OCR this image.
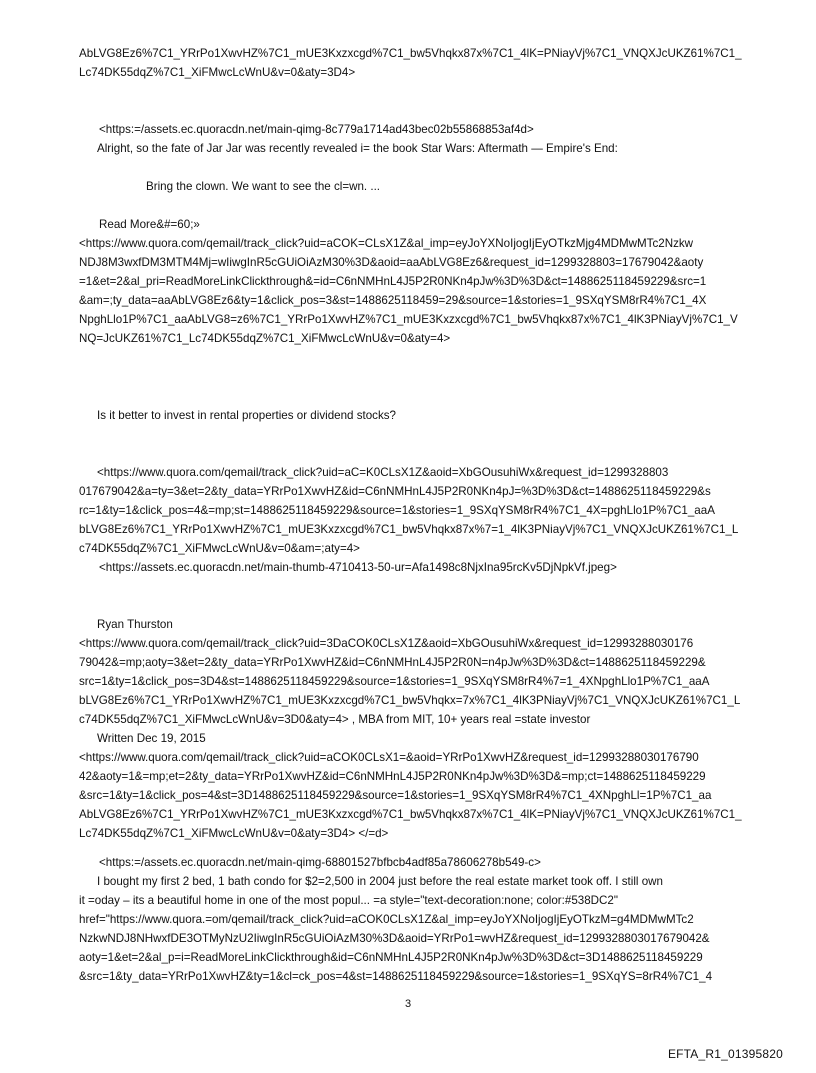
AbLVG8Ez6%7C1_YRrPo1XwvHZ%7C1_mUE3Kxzxcgd%7C1_bw5Vhqkx87x%7C1_4lK=PNiayVj%7C1_VNQXJcUKZ61%7C1_
Lc74DK55dqZ%7C1_XiFMwcLcWnU&v=0&aty=3D4>
<https:=/assets.ec.quoracdn.net/main-qimg-8c779a1714ad43bec02b55868853af4d>
Alright, so the fate of Jar Jar was recently revealed i= the book Star Wars: Aftermath — Empire's End:
Bring the clown. We want to see the cl=wn. ...
Read More&#=60;»
<https://www.quora.com/qemail/track_click?uid=aCOK=CLsX1Z&al_imp=eyJoYXNoIjogIjEyOTkzMjg4MDMwMTc2Nzkw
NDJ8M3wxfDM3MTM4Mj=wIiwgInR5cGUiOiAzM30%3D&aoid=aaAbLVG8Ez6&request_id=1299328803=17679042&aoty
=1&et=2&al_pri=ReadMoreLinkClickthrough&=id=C6nNMHnL4J5P2R0NKn4pJw%3D%3D&ct=1488625118459229&src=1
&am=;ty_data=aaAbLVG8Ez6&ty=1&click_pos=3&st=1488625118459=29&source=1&stories=1_9SXqYSM8rR4%7C1_4X
NpghLlo1P%7C1_aaAbLVG8=z6%7C1_YRrPo1XwvHZ%7C1_mUE3Kxzxcgd%7C1_bw5Vhqkx87x%7C1_4lK3PNiayVj%7C1_V
NQ=JcUKZ61%7C1_Lc74DK55dqZ%7C1_XiFMwcLcWnU&v=0&aty=4>
Is it better to invest in rental properties or dividend stocks?
<https://www.quora.com/qemail/track_click?uid=aC=K0CLsX1Z&aoid=XbGOusuhiWx&request_id=1299328803
017679042&a=ty=3&et=2&ty_data=YRrPo1XwvHZ&id=C6nNMHnL4J5P2R0NKn4pJ=%3D%3D&ct=1488625118459229&s
rc=1&ty=1&click_pos=4&=mp;st=1488625118459229&source=1&stories=1_9SXqYSM8rR4%7C1_4X=pghLlo1P%7C1_aaA
bLVG8Ez6%7C1_YRrPo1XwvHZ%7C1_mUE3Kxzxcgd%7C1_bw5Vhqkx87x%7=1_4lK3PNiayVj%7C1_VNQXJcUKZ61%7C1_L
c74DK55dqZ%7C1_XiFMwcLcWnU&v=0&am=;aty=4>
<https://assets.ec.quoracdn.net/main-thumb-4710413-50-ur=Afa1498c8NjxIna95rcKv5DjNpkVf.jpeg>
Ryan Thurston
<https://www.quora.com/qemail/track_click?uid=3DaCOK0CLsX1Z&aoid=XbGOusuhiWx&request_id=12993288030176
79042&=mp;aoty=3&et=2&ty_data=YRrPo1XwvHZ&id=C6nNMHnL4J5P2R0N=n4pJw%3D%3D&ct=1488625118459229&
src=1&ty=1&click_pos=3D4&st=1488625118459229&source=1&stories=1_9SXqYSM8rR4%7=1_4XNpghLlo1P%7C1_aaA
bLVG8Ez6%7C1_YRrPo1XwvHZ%7C1_mUE3Kxzxcgd%7C1_bw5Vhqkx=7x%7C1_4lK3PNiayVj%7C1_VNQXJcUKZ61%7C1_L
c74DK55dqZ%7C1_XiFMwcLcWnU&v=3D0&aty=4> , MBA from MIT, 10+ years real =state investor
Written Dec 19, 2015
<https://www.quora.com/qemail/track_click?uid=aCOK0CLsX1=&aoid=YRrPo1XwvHZ&request_id=12993288030176790
42&aoty=1&=mp;et=2&ty_data=YRrPo1XwvHZ&id=C6nNMHnL4J5P2R0NKn4pJw%3D%3D&=mp;ct=1488625118459229
&src=1&ty=1&click_pos=4&st=3D1488625118459229&source=1&stories=1_9SXqYSM8rR4%7C1_4XNpghLl=1P%7C1_aa
AbLVG8Ez6%7C1_YRrPo1XwvHZ%7C1_mUE3Kxzxcgd%7C1_bw5Vhqkx87x%7C1_4lK=PNiayVj%7C1_VNQXJcUKZ61%7C1_
Lc74DK55dqZ%7C1_XiFMwcLcWnU&v=0&aty=3D4> </=d>
<https:=/assets.ec.quoracdn.net/main-qimg-68801527bfbcb4adf85a78606278b549-c>
I bought my first 2 bed, 1 bath condo for $2=2,500 in 2004 just before the real estate market took off. I still own
it =oday – its a beautiful home in one of the most popul... =a style="text-decoration:none; color:#538DC2"
href="https://www.quora.=om/qemail/track_click?uid=aCOK0CLsX1Z&al_imp=eyJoYXNoIjogIjEyOTkzM=g4MDMwMTc2
NzkwNDJ8NHwxfDE3OTMyNzU2IiwgInR5cGUiOiAzM30%3D&aoid=YRrPo1=wvHZ&request_id=1299328803017679042&
aoty=1&et=2&al_p=i=ReadMoreLinkClickthrough&id=C6nNMHnL4J5P2R0NKn4pJw%3D%3D&ct=3D1488625118459229
&src=1&ty_data=YRrPo1XwvHZ&ty=1&cl=ck_pos=4&st=1488625118459229&source=1&stories=1_9SXqYS=8rR4%7C1_4
3
EFTA_R1_01395820
